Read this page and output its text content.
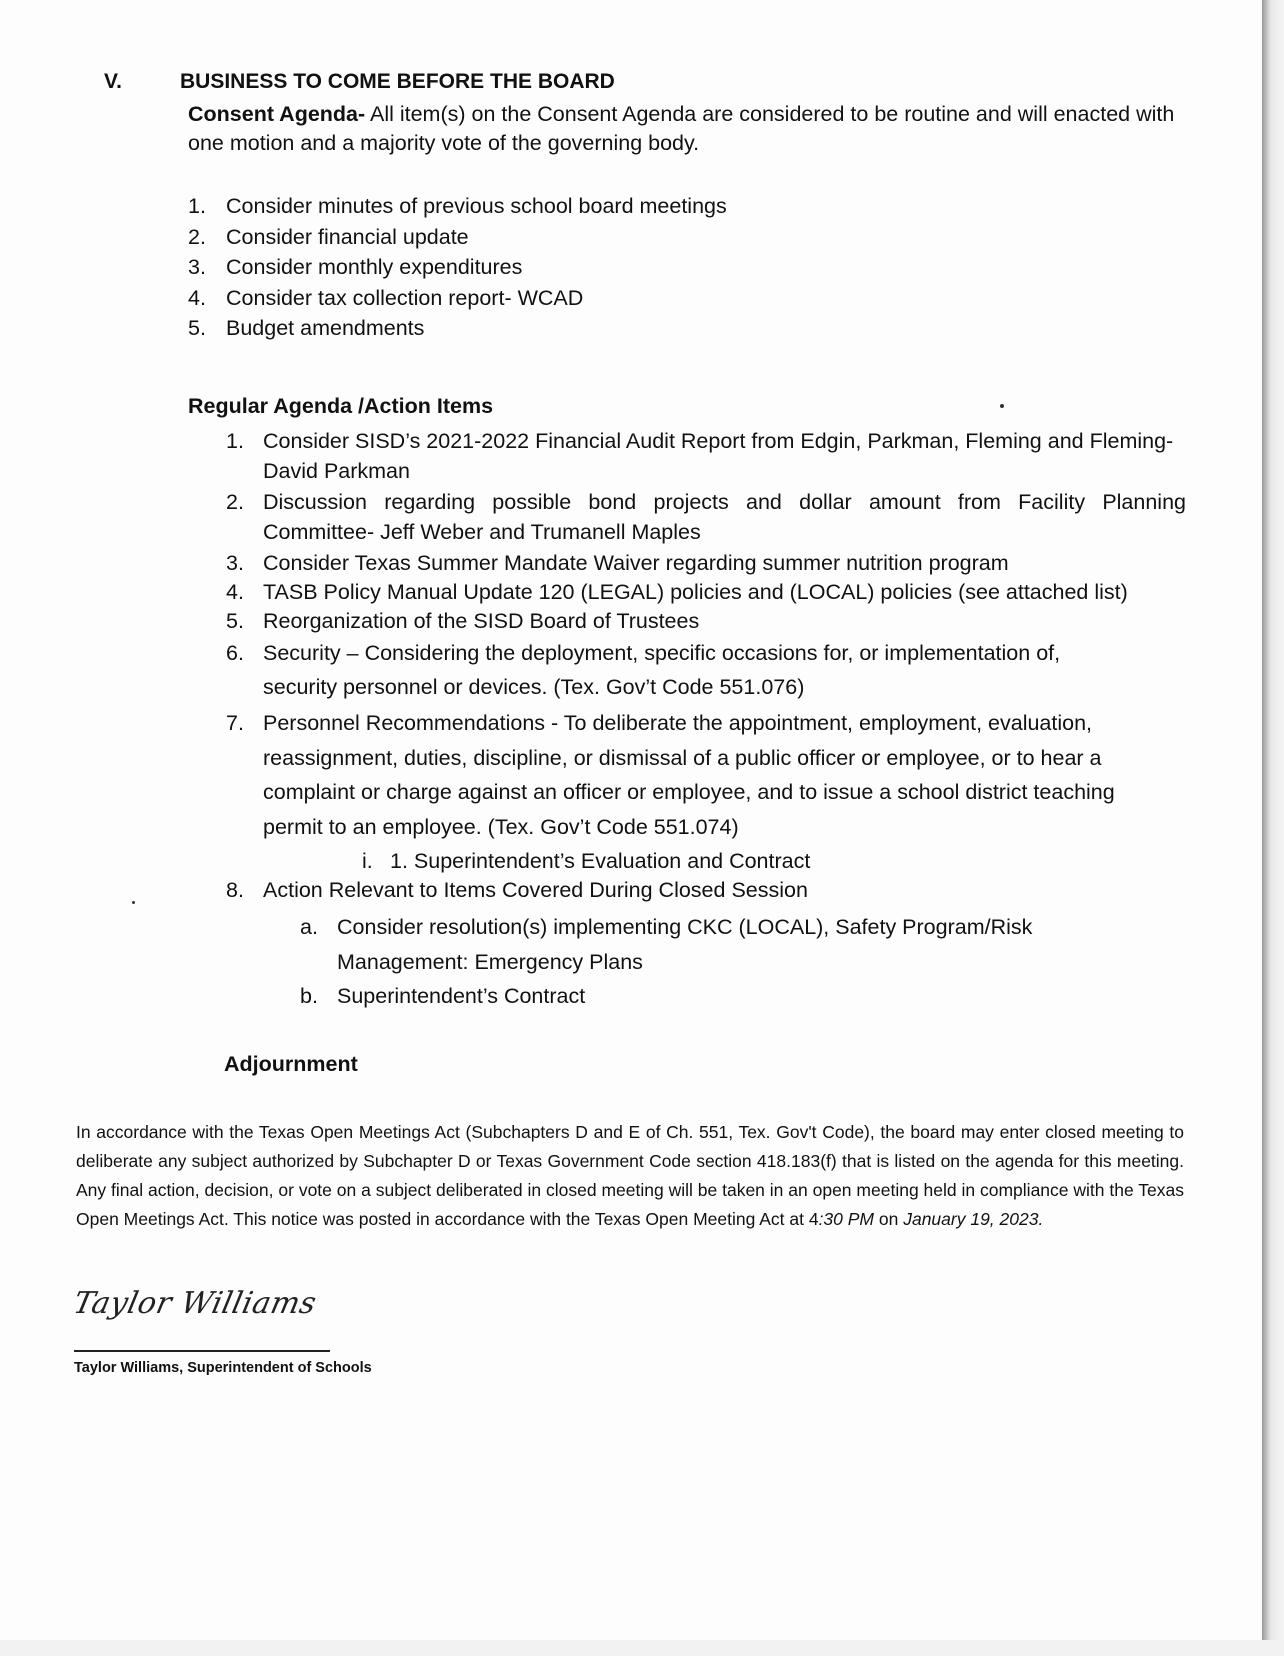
V.	BUSINESS TO COME BEFORE THE BOARD
Consent Agenda- All item(s) on the Consent Agenda are considered to be routine and will enacted with one motion and a majority vote of the governing body.
1. Consider minutes of previous school board meetings
2. Consider financial update
3. Consider monthly expenditures
4. Consider tax collection report- WCAD
5. Budget amendments
Regular Agenda /Action Items
1. Consider SISD’s 2021-2022 Financial Audit Report from Edgin, Parkman, Fleming and Fleming- David Parkman
2. Discussion regarding possible bond projects and dollar amount from Facility Planning Committee- Jeff Weber and Trumanell Maples
3. Consider Texas Summer Mandate Waiver regarding summer nutrition program
4. TASB Policy Manual Update 120 (LEGAL) policies and (LOCAL) policies (see attached list)
5. Reorganization of the SISD Board of Trustees
6. Security – Considering the deployment, specific occasions for, or implementation of, security personnel or devices. (Tex. Gov’t Code 551.076)
7. Personnel Recommendations - To deliberate the appointment, employment, evaluation, reassignment, duties, discipline, or dismissal of a public officer or employee, or to hear a complaint or charge against an officer or employee, and to issue a school district teaching permit to an employee. (Tex. Gov’t Code 551.074)
i. 1. Superintendent’s Evaluation and Contract
8. Action Relevant to Items Covered During Closed Session
a. Consider resolution(s) implementing CKC (LOCAL), Safety Program/Risk Management: Emergency Plans
b. Superintendent’s Contract
Adjournment
In accordance with the Texas Open Meetings Act (Subchapters D and E of Ch. 551, Tex. Gov't Code), the board may enter closed meeting to deliberate any subject authorized by Subchapter D or Texas Government Code section 418.183(f) that is listed on the agenda for this meeting. Any final action, decision, or vote on a subject deliberated in closed meeting will be taken in an open meeting held in compliance with the Texas Open Meetings Act. This notice was posted in accordance with the Texas Open Meeting Act at 4:30 PM on January 19, 2023.
Taylor Williams
Taylor Williams, Superintendent of Schools
